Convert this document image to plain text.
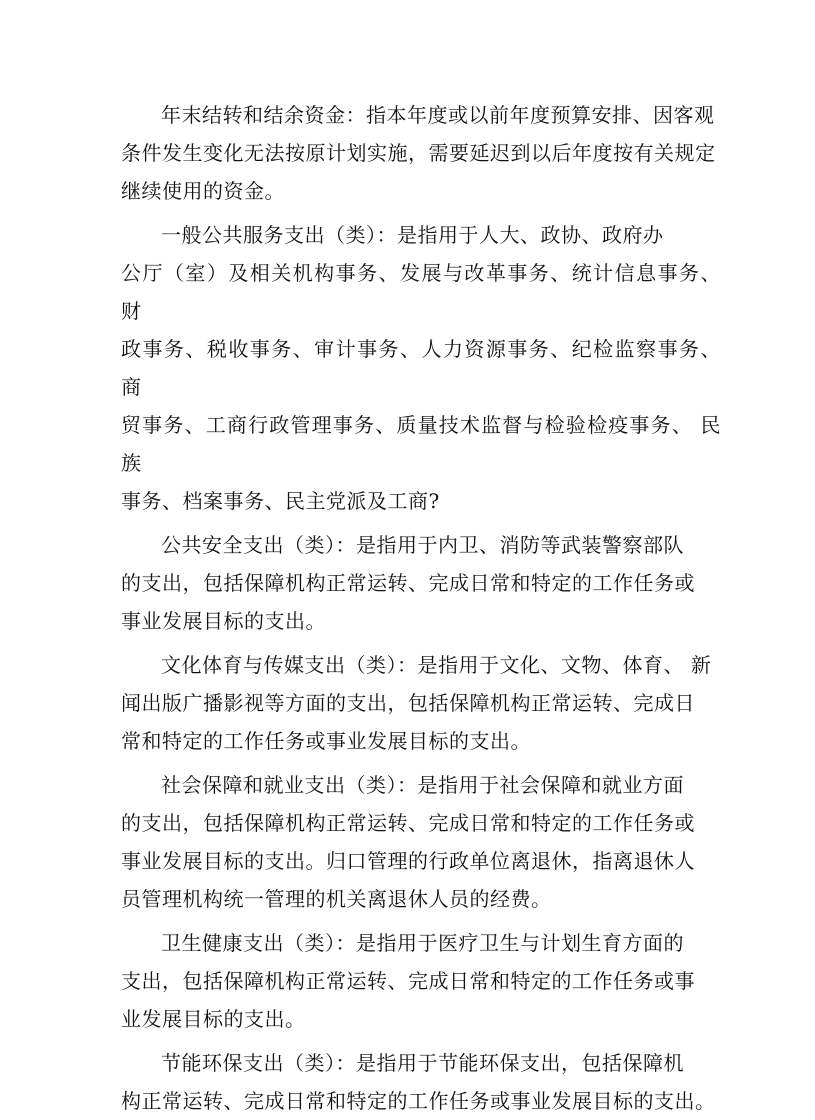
年末结转和结余资金：指本年度或以前年度预算安排、因客观
条件发生变化无法按原计划实施，需要延迟到以后年度按有关规定
继续使用的资金。

一般公共服务支出（类）：是指用于人大、政协、政府办
公厅（室）及相关机构事务、发展与改革事务、统计信息事务、 财
政事务、税收事务、审计事务、人力资源事务、纪检监察事务、 商
贸事务、工商行政管理事务、质量技术监督与检验检疫事务、 民族
事务、档案事务、民主党派及工商?

公共安全支出（类）：是指用于内卫、消防等武装警察部队
的支出，包括保障机构正常运转、完成日常和特定的工作任务或
事业发展目标的支出。

文化体育与传媒支出（类）：是指用于文化、文物、体育、 新
闻出版广播影视等方面的支出，包括保障机构正常运转、完成日
常和特定的工作任务或事业发展目标的支出。

社会保障和就业支出（类）：是指用于社会保障和就业方面
的支出，包括保障机构正常运转、完成日常和特定的工作任务或
事业发展目标的支出。归口管理的行政单位离退休，指离退休人
员管理机构统一管理的机关离退休人员的经费。

卫生健康支出（类）：是指用于医疗卫生与计划生育方面的
支出，包括保障机构正常运转、完成日常和特定的工作任务或事
业发展目标的支出。

节能环保支出（类）：是指用于节能环保支出，包括保障机
构正常运转、完成日常和特定的工作任务或事业发展目标的支出。
